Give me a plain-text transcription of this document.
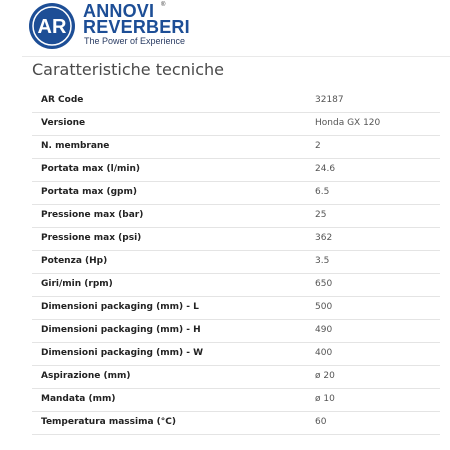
AR
ANNOVI
REVERBERI
®
The Power of Experience
Caratteristiche tecniche
AR Code	32187
Versione	Honda GX 120
N. membrane	2
Portata max (l/min)	24.6
Portata max (gpm)	6.5
Pressione max (bar)	25
Pressione max (psi)	362
Potenza (Hp)	3.5
Giri/min (rpm)	650
Dimensioni packaging (mm) - L	500
Dimensioni packaging (mm) - H	490
Dimensioni packaging (mm) - W	400
Aspirazione (mm)	ø 20
Mandata (mm)	ø 10
Temperatura massima (°C)	60
